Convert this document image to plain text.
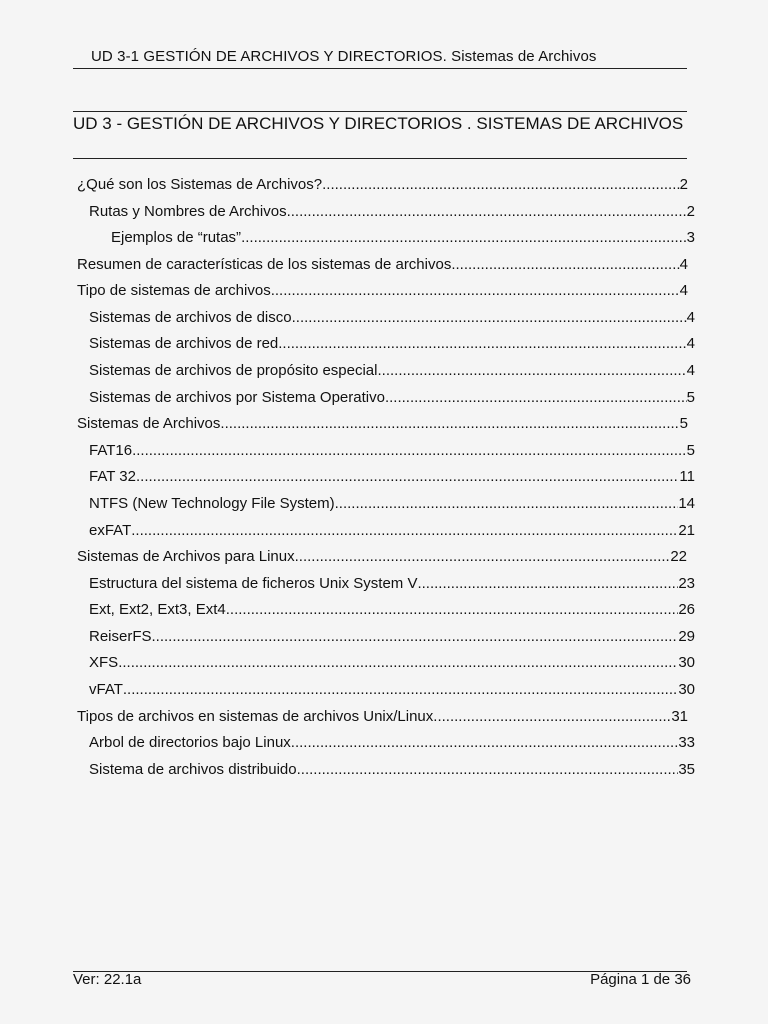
UD 3-1 GESTIÓN DE ARCHIVOS Y DIRECTORIOS. Sistemas de Archivos
UD 3 - GESTIÓN DE ARCHIVOS Y DIRECTORIOS . SISTEMAS DE ARCHIVOS
¿Qué son los Sistemas de Archivos? .....	2
Rutas y Nombres de Archivos .....	2
Ejemplos de “rutas” .....	3
Resumen de características de los sistemas de archivos. .....	4
Tipo de sistemas de archivos .....	4
Sistemas de archivos de disco .....	4
Sistemas de archivos de red .....	4
Sistemas de archivos de propósito especial .....	4
Sistemas de archivos por Sistema Operativo .....	5
Sistemas de Archivos .....	5
FAT16 .....	5
FAT 32 .....	11
NTFS (New Technology File System) .....	14
exFAT .....	21
Sistemas de Archivos para Linux .....	22
Estructura del sistema de ficheros Unix System V .....	23
Ext, Ext2, Ext3, Ext4 .....	26
ReiserFS .....	29
XFS .....	30
vFAT .....	30
Tipos de archivos en sistemas de archivos Unix/Linux .....	31
Arbol de directorios bajo Linux .....	33
Sistema de archivos distribuido .....	35
Ver: 22.1a	Página 1 de 36
